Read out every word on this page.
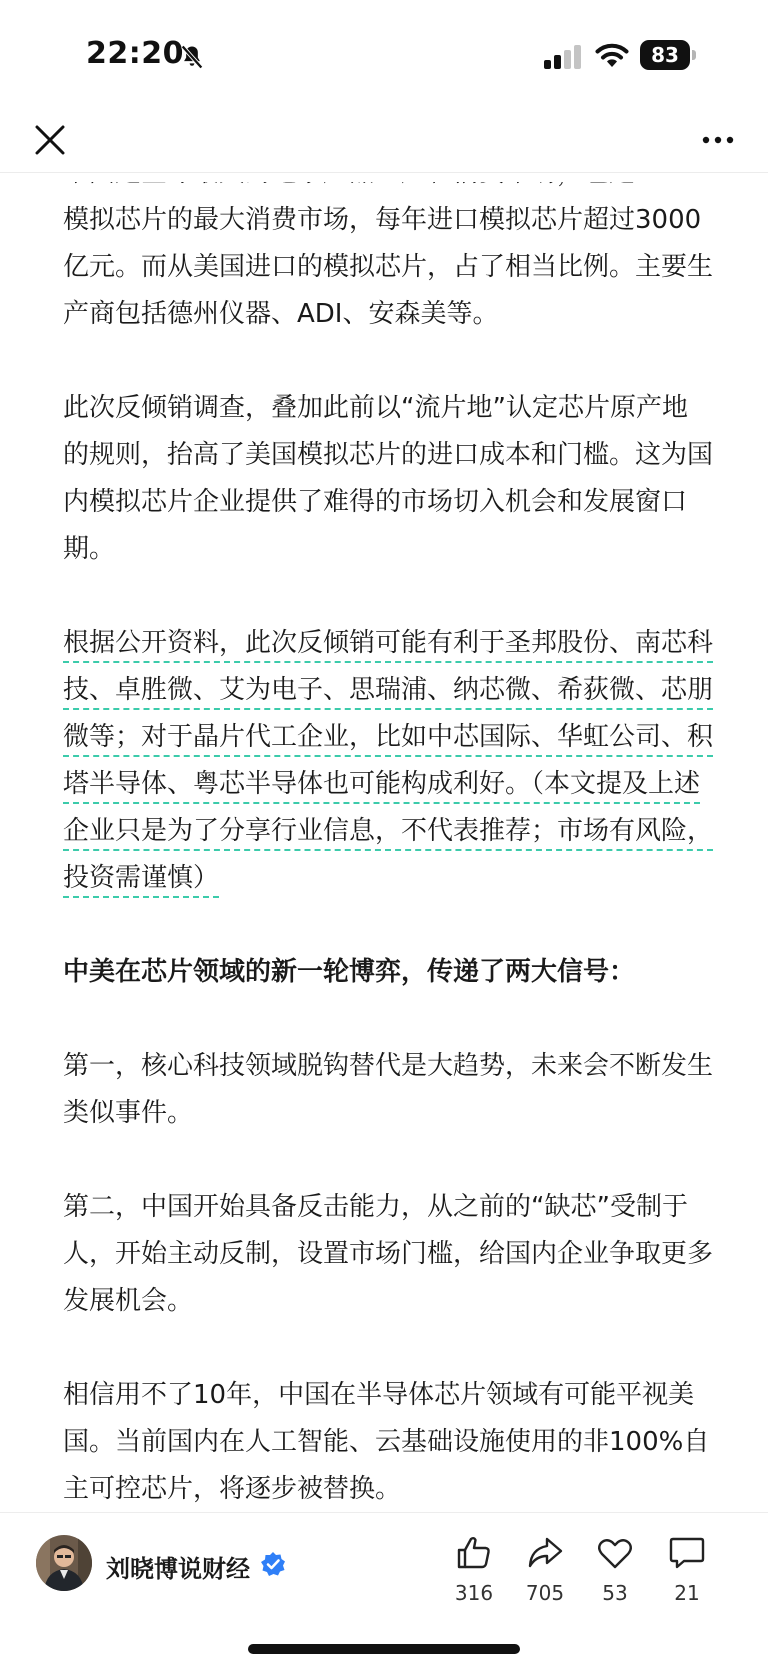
22:20	83

模拟芯片的最大消费市场，每年进口模拟芯片超过3000亿元。而从美国进口的模拟芯片，占了相当比例。主要生产商包括德州仪器、ADI、安森美等。

此次反倾销调查，叠加此前以“流片地”认定芯片原产地的规则，抬高了美国模拟芯片的进口成本和门槛。这为国内模拟芯片企业提供了难得的市场切入机会和发展窗口期。

根据公开资料，此次反倾销可能有利于圣邦股份、南芯科技、卓胜微、艾为电子、思瑞浦、纳芯微、希荻微、芯朋微等；对于晶片代工企业，比如中芯国际、华虹公司、积塔半导体、粤芯半导体也可能构成利好。（本文提及上述企业只是为了分享行业信息，不代表推荐；市场有风险，投资需谨慎）

中美在芯片领域的新一轮博弈，传递了两大信号：

第一，核心科技领域脱钩替代是大趋势，未来会不断发生类似事件。

第二，中国开始具备反击能力，从之前的“缺芯”受制于人，开始主动反制，设置市场门槛，给国内企业争取更多发展机会。

相信用不了10年，中国在半导体芯片领域有可能平视美国。当前国内在人工智能、云基础设施使用的非100%自主可控芯片，将逐步被替换。

刘晓博说财经
316	705	53	21
